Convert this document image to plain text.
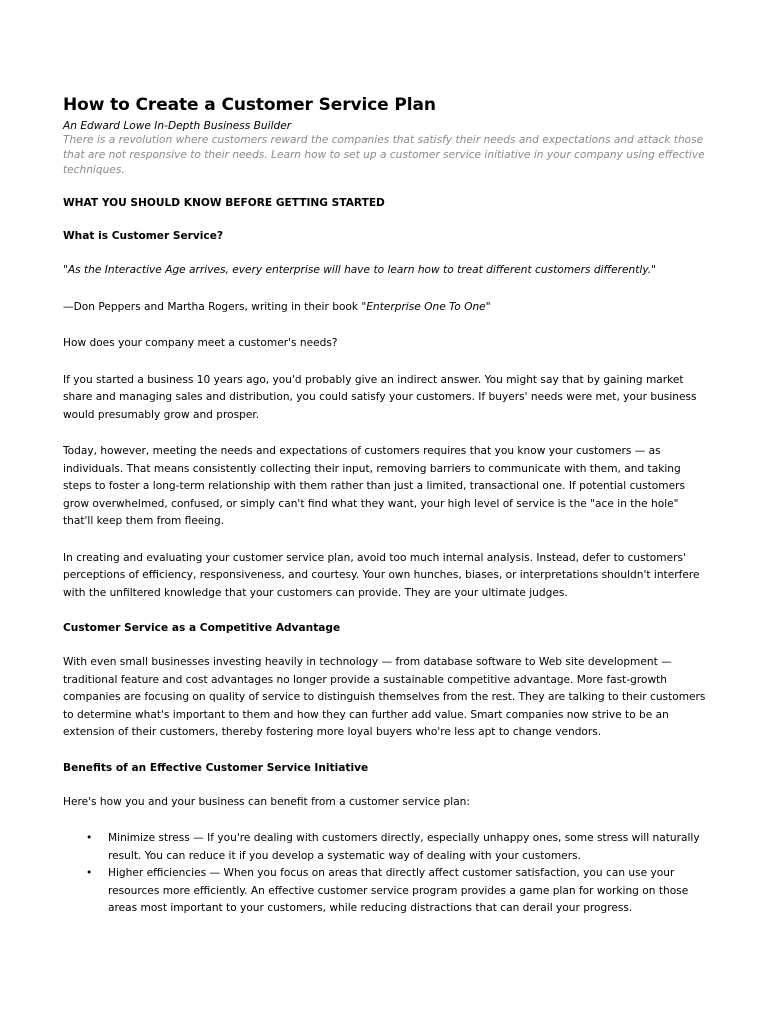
How to Create a Customer Service Plan
An Edward Lowe In-Depth Business Builder

There is a revolution where customers reward the companies that satisfy their needs and expectations and attack those that are not responsive to their needs. Learn how to set up a customer service initiative in your company using effective techniques.

WHAT YOU SHOULD KNOW BEFORE GETTING STARTED
What is Customer Service?

"As the Interactive Age arrives, every enterprise will have to learn how to treat different customers differently."

—Don Peppers and Martha Rogers, writing in their book "Enterprise One To One"

How does your company meet a customer's needs?

If you started a business 10 years ago, you'd probably give an indirect answer. You might say that by gaining market share and managing sales and distribution, you could satisfy your customers. If buyers' needs were met, your business would presumably grow and prosper.

Today, however, meeting the needs and expectations of customers requires that you know your customers — as individuals. That means consistently collecting their input, removing barriers to communicate with them, and taking steps to foster a long-term relationship with them rather than just a limited, transactional one. If potential customers grow overwhelmed, confused, or simply can't find what they want, your high level of service is the "ace in the hole" that'll keep them from fleeing.

In creating and evaluating your customer service plan, avoid too much internal analysis. Instead, defer to customers' perceptions of efficiency, responsiveness, and courtesy. Your own hunches, biases, or interpretations shouldn't interfere with the unfiltered knowledge that your customers can provide. They are your ultimate judges.

Customer Service as a Competitive Advantage

With even small businesses investing heavily in technology — from database software to Web site development — traditional feature and cost advantages no longer provide a sustainable competitive advantage. More fast-growth companies are focusing on quality of service to distinguish themselves from the rest. They are talking to their customers to determine what's important to them and how they can further add value. Smart companies now strive to be an extension of their customers, thereby fostering more loyal buyers who're less apt to change vendors.

Benefits of an Effective Customer Service Initiative

Here's how you and your business can benefit from a customer service plan:

• Minimize stress — If you're dealing with customers directly, especially unhappy ones, some stress will naturally result. You can reduce it if you develop a systematic way of dealing with your customers.
• Higher efficiencies — When you focus on areas that directly affect customer satisfaction, you can use your resources more efficiently. An effective customer service program provides a game plan for working on those areas most important to your customers, while reducing distractions that can derail your progress.
